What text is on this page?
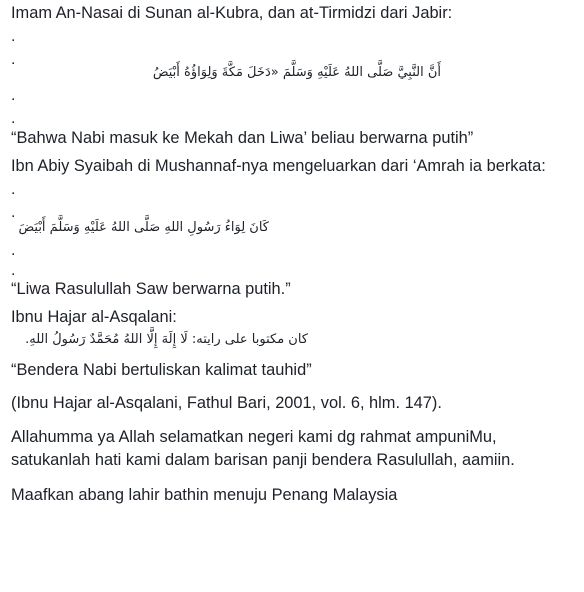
Imam An-Nasai di Sunan al-Kubra, dan at-Tirmidzi dari Jabir:

.

.

أَنَّ النَّبِيَّ صَلَّى اللهُ عَلَيْهِ وَسَلَّمَ «دَخَلَ مَكَّةَ وَلِوَاؤُهُ أَبْيَضُ

.

.

“Bahwa Nabi masuk ke Mekah dan Liwa’ beliau berwarna putih”

Ibn Abiy Syaibah di Mushannaf-nya mengeluarkan dari ‘Amrah ia berkata:

.

.

كَانَ لِوَاءُ رَسُولِ اللهِ صَلَّى اللهُ عَلَيْهِ وَسَلَّمَ أَبْيَضَ

.

.

“Liwa Rasulullah Saw berwarna putih.”

Ibnu Hajar al-Asqalani:

كان مكتوبا على رايته: لَا إِلَهَ إِلَّا اللهُ مُحَمَّدٌ رَسُولُ اللهِ.

“Bendera Nabi bertuliskan kalimat tauhid”

(Ibnu Hajar al-Asqalani, Fathul Bari, 2001, vol. 6, hlm. 147).

Allahumma ya Allah selamatkan negeri kami dg rahmat ampuniMu, satukanlah hati kami dalam barisan panji bendera Rasulullah, aamiin.

Maafkan abang lahir bathin menuju Penang Malaysia
